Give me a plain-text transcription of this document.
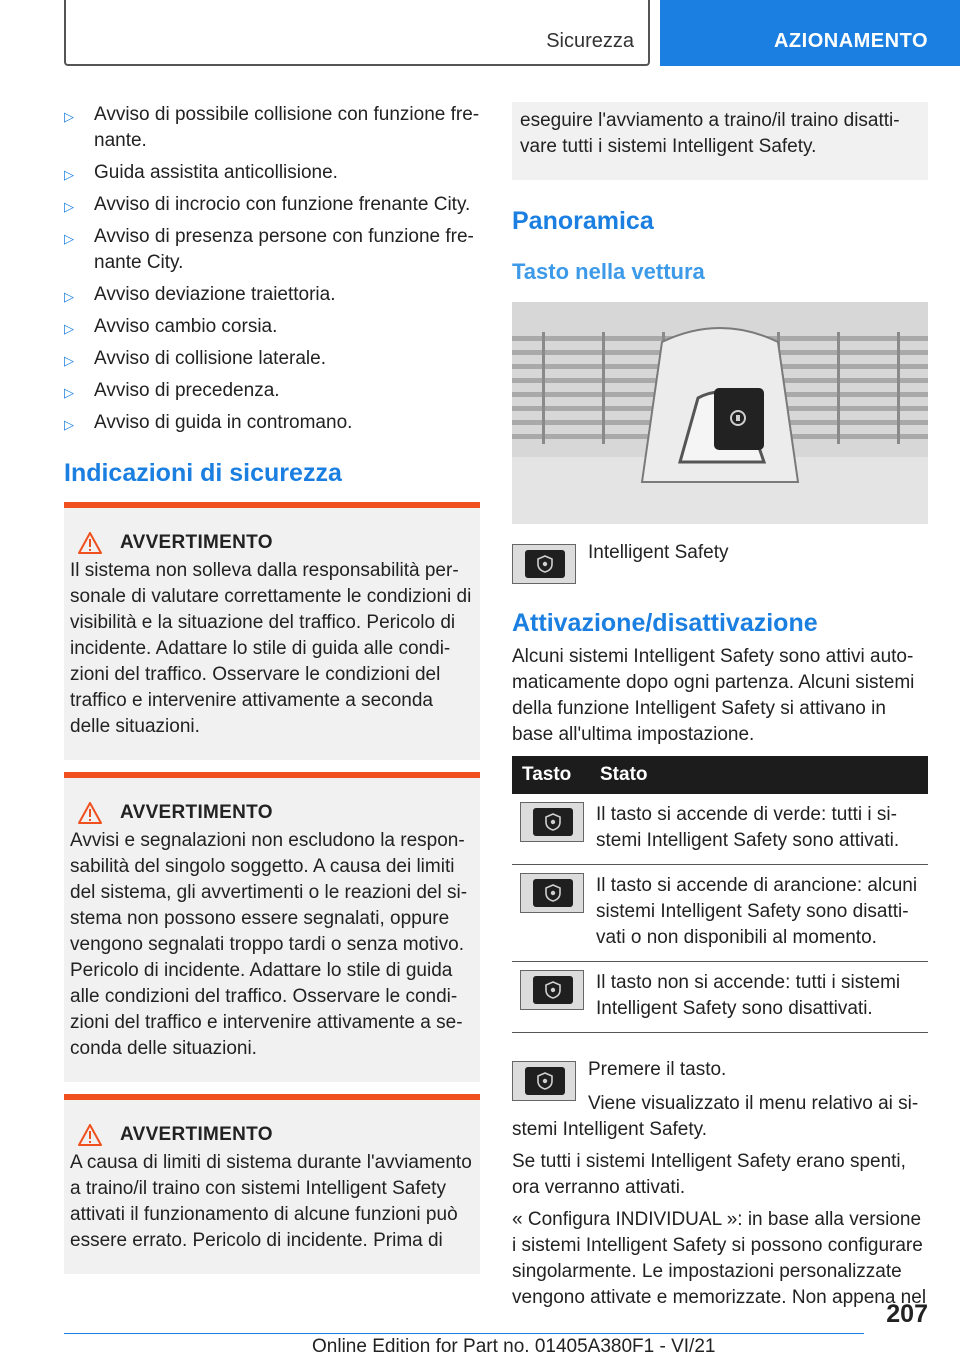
Sicurezza	AZIONAMENTO
▷ Avviso di possibile collisione con funzione fre-nante.
▷ Guida assistita anticollisione.
▷ Avviso di incrocio con funzione frenante City.
▷ Avviso di presenza persone con funzione fre-nante City.
▷ Avviso deviazione traiettoria.
▷ Avviso cambio corsia.
▷ Avviso di collisione laterale.
▷ Avviso di precedenza.
▷ Avviso di guida in contromano.
Indicazioni di sicurezza
AVVERTIMENTO

Il sistema non solleva dalla responsabilità per-sonale di valutare correttamente le condizioni di visibilità e la situazione del traffico. Pericolo di incidente. Adattare lo stile di guida alle condi-zioni del traffico. Osservare le condizioni del traffico e intervenire attivamente a seconda delle situazioni.

AVVERTIMENTO

Avvisi e segnalazioni non escludono la respon-sabilità del singolo soggetto. A causa dei limiti del sistema, gli avvertimenti o le reazioni del si-stema non possono essere segnalati, oppure vengono segnalati troppo tardi o senza motivo. Pericolo di incidente. Adattare lo stile di guida alle condizioni del traffico. Osservare le condi-zioni del traffico e intervenire attivamente a se-conda delle situazioni.

AVVERTIMENTO

A causa di limiti di sistema durante l'avviamento a traino/il traino con sistemi Intelligent Safety attivati il funzionamento di alcune funzioni può essere errato. Pericolo di incidente. Prima di

eseguire l'avviamento a traino/il traino disatti-vare tutti i sistemi Intelligent Safety.

Panoramica
Tasto nella vettura

Intelligent Safety

Attivazione/disattivazione

Alcuni sistemi Intelligent Safety sono attivi auto-maticamente dopo ogni partenza. Alcuni sistemi della funzione Intelligent Safety si attivano in base all'ultima impostazione.

Tasto	Stato

	Il tasto si accende di verde: tutti i si-stemi Intelligent Safety sono attivati.

	Il tasto si accende di arancione: alcuni sistemi Intelligent Safety sono disatti-vati o non disponibili al momento.

	Il tasto non si accende: tutti i sistemi Intelligent Safety sono disattivati.

Premere il tasto.

Viene visualizzato il menu relativo ai si-stemi Intelligent Safety.

Se tutti i sistemi Intelligent Safety erano spenti, ora verranno attivati.

« Configura INDIVIDUAL »: in base alla versione i sistemi Intelligent Safety si possono configurare singolarmente. Le impostazioni personalizzate vengono attivate e memorizzate. Non appena nel

207
Online Edition for Part no. 01405A380F1 - VI/21
